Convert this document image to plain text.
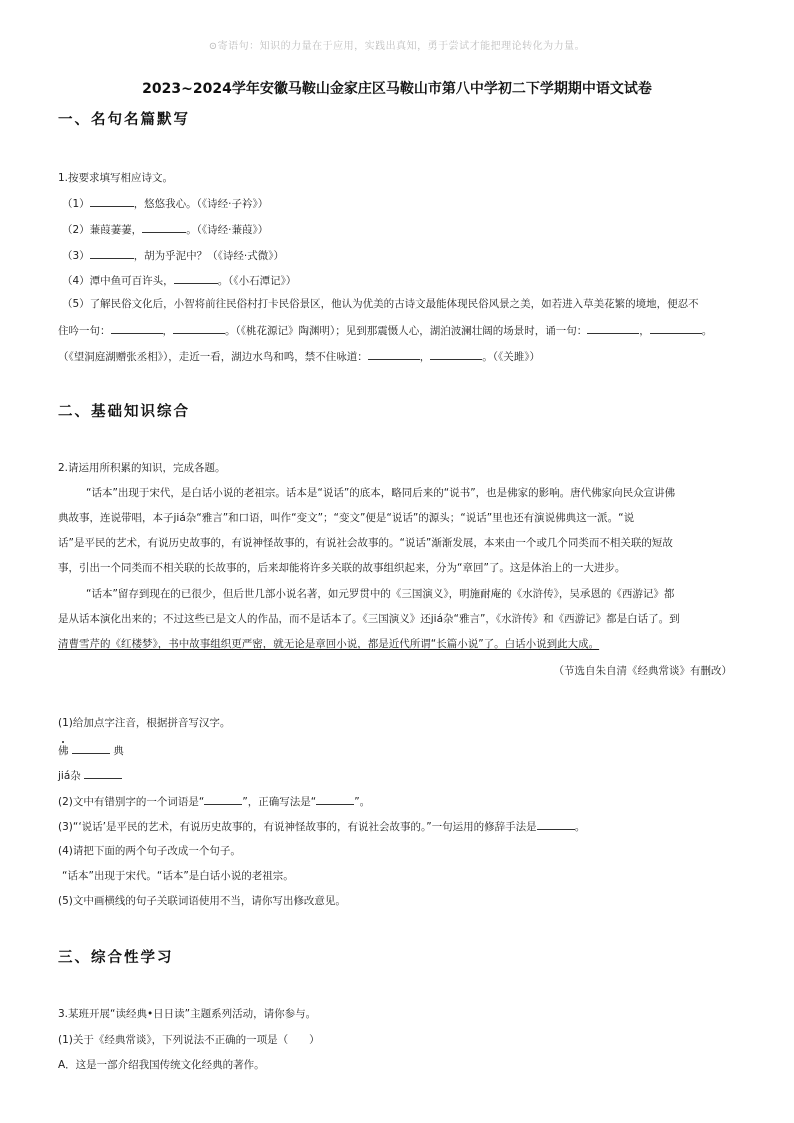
⊙寄语句：知识的力量在于应用，实践出真知，勇于尝试才能把理论转化为力量。
2023~2024学年安徽马鞍山金家庄区马鞍山市第八中学初二下学期期中语文试卷
一、名句名篇默写
1.按要求填写相应诗文。
（1）	，悠悠我心。（《诗经·子衿》）
（2）蒹葭萋萋，	。（《诗经·蒹葭》）
（3）	，胡为乎泥中？（《诗经·式微》）
（4）潭中鱼可百许头，	。（《小石潭记》）
（5）了解民俗文化后，小智将前往民俗村打卡民俗景区，他认为优美的古诗文最能体现民俗风景之美，如若进入草美花繁的境地，便忍不
住吟一句：	，	。（《桃花源记》陶渊明）；见到那震慑人心，湖泊波澜壮阔的场景时，诵一句：	，	。
（《望洞庭湖赠张丞相》），走近一看，湖边水鸟和鸣，禁不住咏道：	，	。（《关雎》）
二、基础知识综合
2.请运用所积累的知识，完成各题。
“话本”出现于宋代，是白话小说的老祖宗。话本是“说话”的底本，略同后来的“说书”，也是佛家的影响。唐代佛家向民众宣讲佛
典故事，连说带唱，本子jiá杂“雅言”和口语，叫作“变文”；“变文”便是“说话”的源头；“说话”里也还有演说佛典这一派。“说
话”是平民的艺术，有说历史故事的，有说神怪故事的，有说社会故事的。“说话”渐渐发展，本来由一个或几个同类而不相关联的短故
事，引出一个同类而不相关联的长故事的，后来却能将许多关联的故事组织起来，分为“章回”了。这是体治上的一大进步。
“话本”留存到现在的已很少，但后世几部小说名著，如元罗贯中的《三国演义》，明施耐庵的《水浒传》，吴承恩的《西游记》都
是从话本演化出来的；不过这些已是文人的作品，而不是话本了。《三国演义》还jiá杂“雅言”，《水浒传》和《西游记》都是白话了。到
清曹雪芹的《红楼梦》，书中故事组织更严密，就无论是章回小说，都是近代所谓“长篇小说”了。白话小说到此大成。
（节选自朱自清《经典常谈》有删改）
(1)给加点字注音，根据拼音写汉字。
佛	典
jiá杂
(2)文中有错别字的一个词语是“	”，正确写法是“	”。
(3)“‘说话’是平民的艺术，有说历史故事的，有说神怪故事的，有说社会故事的。”一句运用的修辞手法是	。
(4)请把下面的两个句子改成一个句子。
“话本”出现于宋代。“话本”是白话小说的老祖宗。
(5)文中画横线的句子关联词语使用不当，请你写出修改意见。
三、综合性学习
3.某班开展“读经典•日日读”主题系列活动，请你参与。
(1)关于《经典常谈》，下列说法不正确的一项是（　　）
A．这是一部介绍我国传统文化经典的著作。
